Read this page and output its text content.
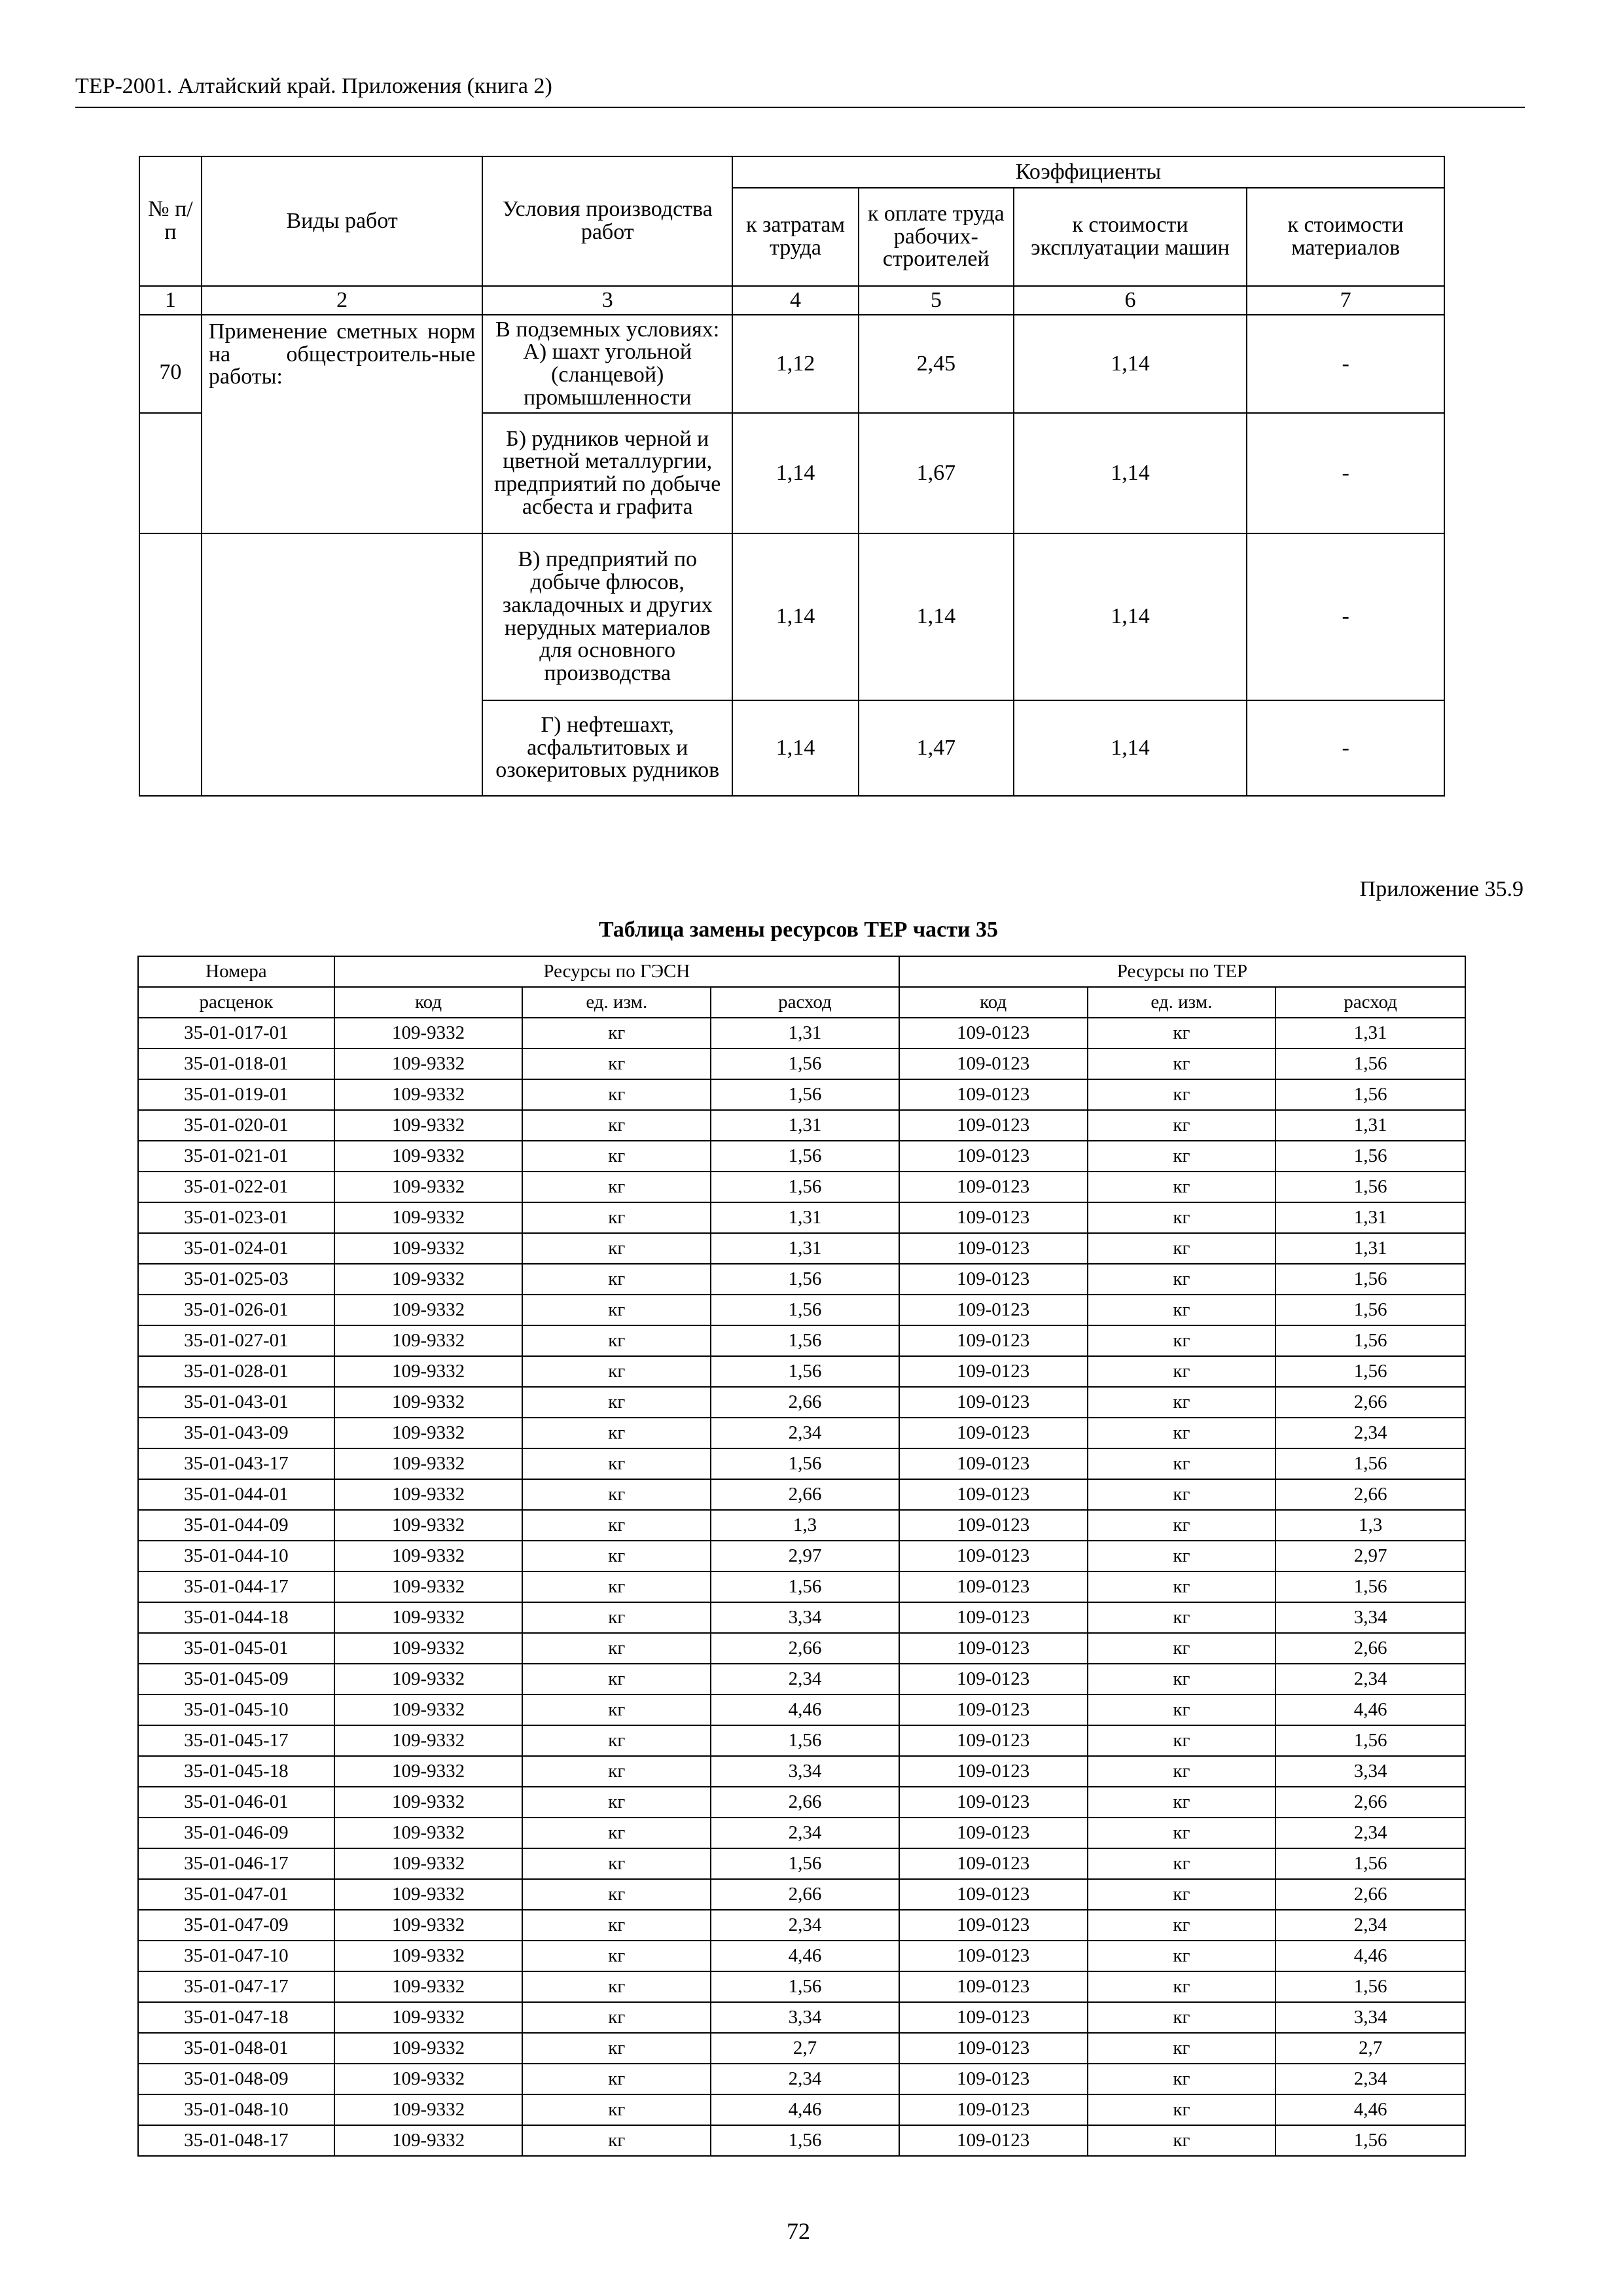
ТЕР-2001. Алтайский край. Приложения (книга 2)
№ п/п	Виды работ	Условия производства работ	Коэффициенты			
			к затратам труда	к оплате труда рабочих-строителей	к стоимости эксплуатации машин	к стоимости материалов
1	2	3	4	5	6	7
70	Применение сметных норм на общестроитель-ные работы:	В подземных условиях: А) шахт угольной (сланцевой) промышленности	1,12	2,45	1,14	-
		Б) рудников черной и цветной металлургии, предприятий по добыче асбеста и графита	1,14	1,67	1,14	-
		В) предприятий по добыче флюсов, закладочных и других нерудных материалов для основного производства	1,14	1,14	1,14	-
		Г) нефтешахт, асфальтитовых и озокеритовых рудников	1,14	1,47	1,14	-
Приложение 35.9
Таблица замены ресурсов ТЕР части 35
Номера	Ресурсы по ГЭСН			Ресурсы по ТЕР		
расценок	код	ед. изм.	расход	код	ед. изм.	расход
35-01-017-01	109-9332	кг	1,31	109-0123	кг	1,31
35-01-018-01	109-9332	кг	1,56	109-0123	кг	1,56
35-01-019-01	109-9332	кг	1,56	109-0123	кг	1,56
35-01-020-01	109-9332	кг	1,31	109-0123	кг	1,31
35-01-021-01	109-9332	кг	1,56	109-0123	кг	1,56
35-01-022-01	109-9332	кг	1,56	109-0123	кг	1,56
35-01-023-01	109-9332	кг	1,31	109-0123	кг	1,31
35-01-024-01	109-9332	кг	1,31	109-0123	кг	1,31
35-01-025-03	109-9332	кг	1,56	109-0123	кг	1,56
35-01-026-01	109-9332	кг	1,56	109-0123	кг	1,56
35-01-027-01	109-9332	кг	1,56	109-0123	кг	1,56
35-01-028-01	109-9332	кг	1,56	109-0123	кг	1,56
35-01-043-01	109-9332	кг	2,66	109-0123	кг	2,66
35-01-043-09	109-9332	кг	2,34	109-0123	кг	2,34
35-01-043-17	109-9332	кг	1,56	109-0123	кг	1,56
35-01-044-01	109-9332	кг	2,66	109-0123	кг	2,66
35-01-044-09	109-9332	кг	1,3	109-0123	кг	1,3
35-01-044-10	109-9332	кг	2,97	109-0123	кг	2,97
35-01-044-17	109-9332	кг	1,56	109-0123	кг	1,56
35-01-044-18	109-9332	кг	3,34	109-0123	кг	3,34
35-01-045-01	109-9332	кг	2,66	109-0123	кг	2,66
35-01-045-09	109-9332	кг	2,34	109-0123	кг	2,34
35-01-045-10	109-9332	кг	4,46	109-0123	кг	4,46
35-01-045-17	109-9332	кг	1,56	109-0123	кг	1,56
35-01-045-18	109-9332	кг	3,34	109-0123	кг	3,34
35-01-046-01	109-9332	кг	2,66	109-0123	кг	2,66
35-01-046-09	109-9332	кг	2,34	109-0123	кг	2,34
35-01-046-17	109-9332	кг	1,56	109-0123	кг	1,56
35-01-047-01	109-9332	кг	2,66	109-0123	кг	2,66
35-01-047-09	109-9332	кг	2,34	109-0123	кг	2,34
35-01-047-10	109-9332	кг	4,46	109-0123	кг	4,46
35-01-047-17	109-9332	кг	1,56	109-0123	кг	1,56
35-01-047-18	109-9332	кг	3,34	109-0123	кг	3,34
35-01-048-01	109-9332	кг	2,7	109-0123	кг	2,7
35-01-048-09	109-9332	кг	2,34	109-0123	кг	2,34
35-01-048-10	109-9332	кг	4,46	109-0123	кг	4,46
35-01-048-17	109-9332	кг	1,56	109-0123	кг	1,56
72
